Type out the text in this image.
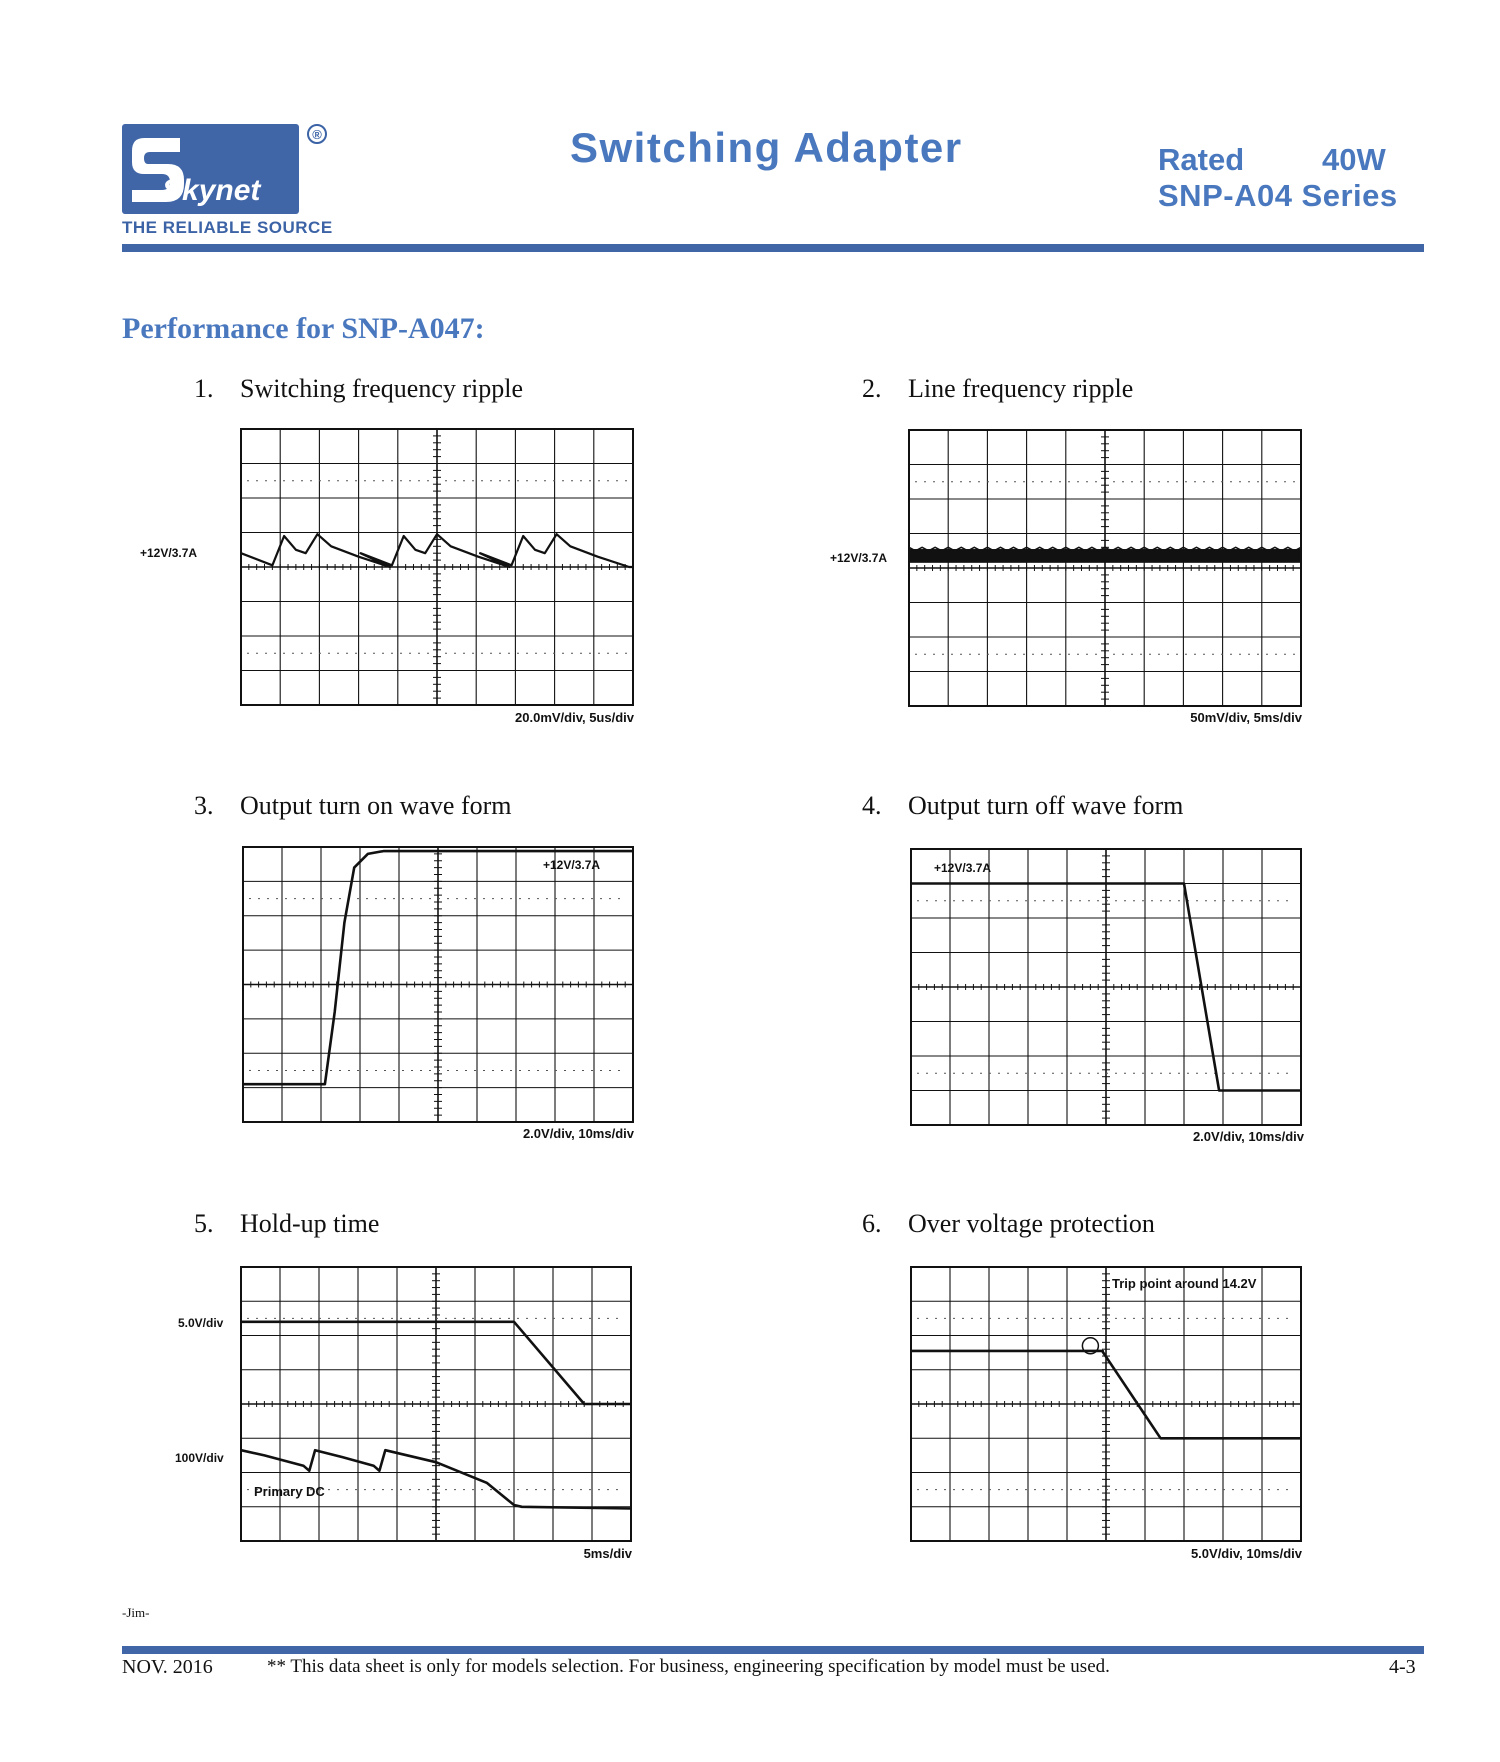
Skynet
®
THE RELIABLE SOURCE
Switching Adapter	Rated	40W
SNP-A04 Series
Performance for SNP-A047:
1. Switching frequency ripple
+12V/3.7A
20.0mV/div, 5us/div
2. Line frequency ripple
+12V/3.7A
50mV/div, 5ms/div
3. Output turn on wave form
+12V/3.7A
2.0V/div, 10ms/div
4. Output turn off wave form
+12V/3.7A
2.0V/div, 10ms/div
5. Hold-up time
5.0V/div
100V/div
Primary DC
5ms/div
6. Over voltage protection
Trip point around 14.2V
5.0V/div, 10ms/div
-Jim-
NOV. 2016	** This data sheet is only for models selection. For business, engineering specification by model must be used.	4-3
